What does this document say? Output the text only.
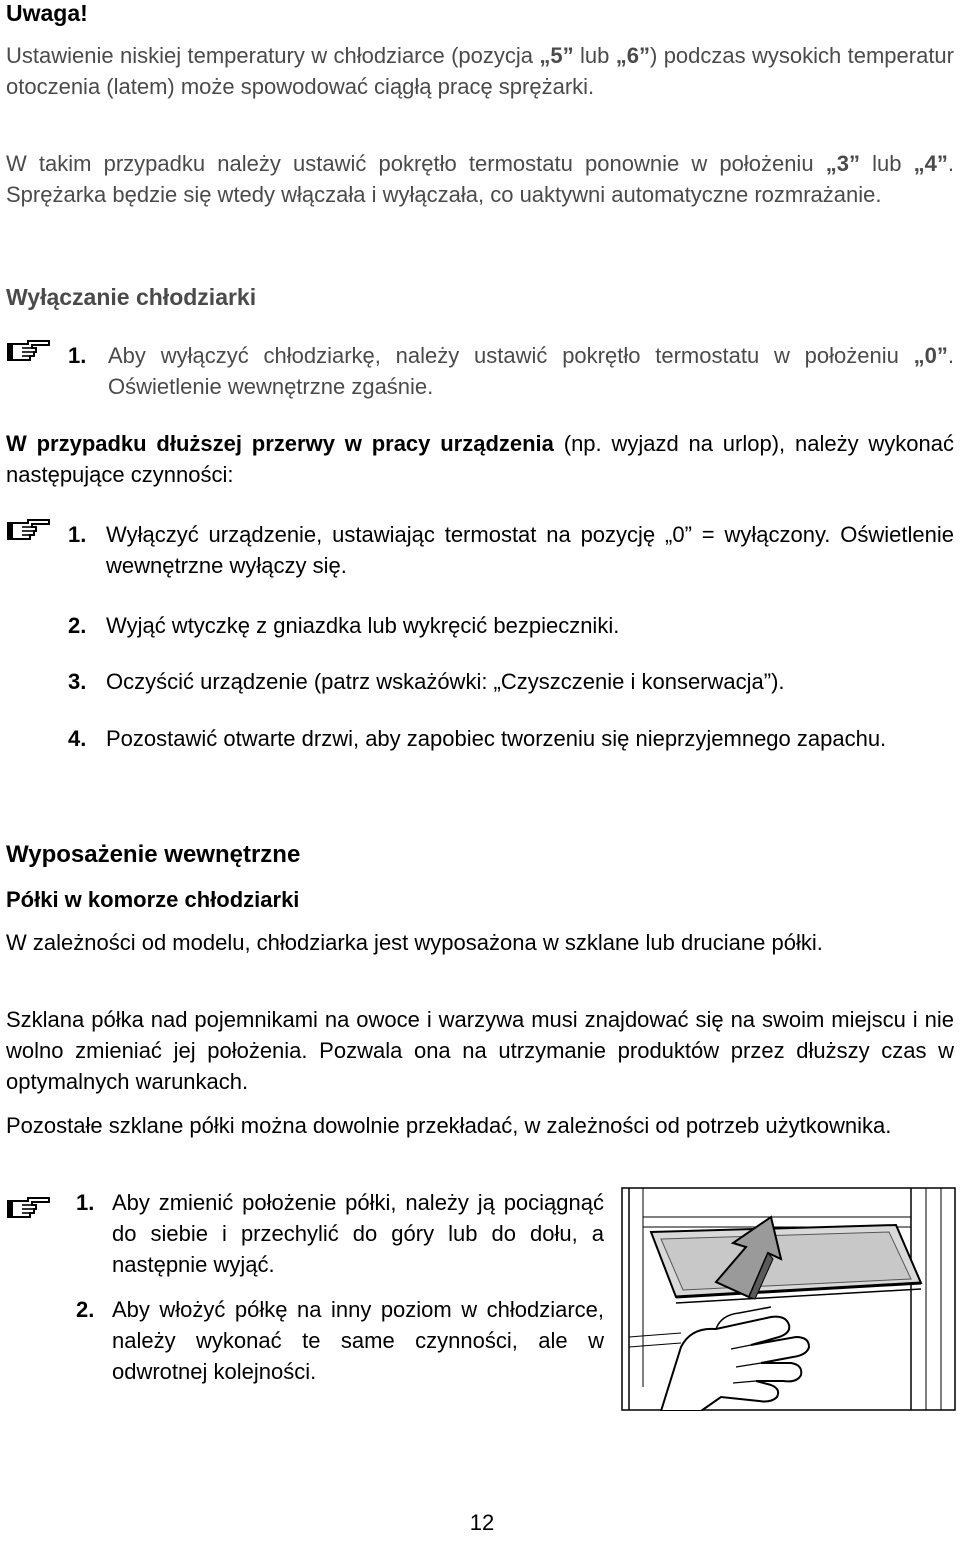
Uwaga!
Ustawienie niskiej temperatury w chłodziarce (pozycja „5” lub „6”) podczas wysokich temperatur otoczenia (latem) może spowodować ciągłą pracę sprężarki.
W takim przypadku należy ustawić pokrętło termostatu ponownie w położeniu „3” lub „4”. Sprężarka będzie się wtedy włączała i wyłączała, co uaktywni automatyczne rozmrażanie.
Wyłączanie chłodziarki
1. Aby wyłączyć chłodziarkę, należy ustawić pokrętło termostatu w położeniu „0”. Oświetlenie wewnętrzne zgaśnie.
W przypadku dłuższej przerwy w pracy urządzenia (np. wyjazd na urlop), należy wykonać następujące czynności:
1. Wyłączyć urządzenie, ustawiając termostat na pozycję „0” = wyłączony. Oświetlenie wewnętrzne wyłączy się.
2. Wyjąć wtyczkę z gniazdka lub wykręcić bezpieczniki.
3. Oczyścić urządzenie (patrz wskażówki: „Czyszczenie i konserwacja”).
4. Pozostawić otwarte drzwi, aby zapobiec tworzeniu się nieprzyjemnego zapachu.
Wyposażenie wewnętrzne
Półki w komorze chłodziarki
W zależności od modelu, chłodziarka jest wyposażona w szklane lub druciane półki.
Szklana półka nad pojemnikami na owoce i warzywa musi znajdować się na swoim miejscu i nie wolno zmieniać jej położenia. Pozwala ona na utrzymanie produktów przez dłuższy czas w optymalnych warunkach.
Pozostałe szklane półki można dowolnie przekładać, w zależności od potrzeb użytkownika.
1. Aby zmienić położenie półki, należy ją pociągnąć do siebie i przechylić do góry lub do dołu, a następnie wyjąć.
2. Aby włożyć półkę na inny poziom w chłodziarce, należy wykonać te same czynności, ale w odwrotnej kolejności.
12
